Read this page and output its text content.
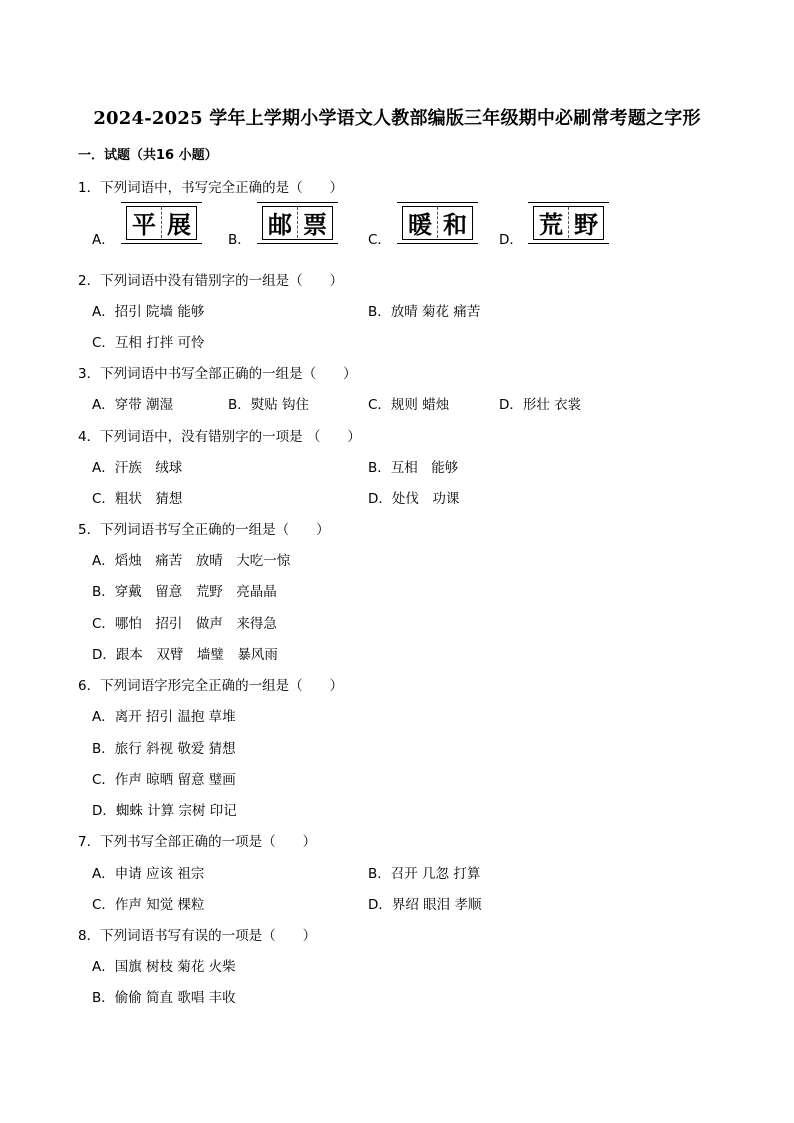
2024-2025 学年上学期小学语文人教部编版三年级期中必刷常考题之字形
一．试题（共16 小题）
1．下列词语中，书写完全正确的是（　　）
A．
平 展
B．
邮 票
C．
暖 和
D．
荒 野
2．下列词语中没有错别字的一组是（　　）
A．招引 院墙 能够	B．放晴 菊花 痛苦
C．互相 打拌 可怜
3．下列词语中书写全部正确的一组是（　　）
A．穿带 潮湿	B．熨贴 钩住	C．规则 蜡烛	D．形壮 衣裳
4．下列词语中，没有错别字的一项是 （　　）
A．汗族　绒球	B．互相　能够
C．粗状　猜想	D．处伐　功课
5．下列词语书写全正确的一组是（　　）
A．熖烛　痛苦　放晴　大吃一惊
B．穿戴　留意　荒野　亮晶晶
C．哪怕　招引　做声　来得急
D．跟本　双臂　墙璧　暴风雨
6．下列词语字形完全正确的一组是（　　）
A．离开 招引 温抱 草堆
B．旅行 斜视 敬爱 猜想
C．作声 晾晒 留意 璧画
D．蜘蛛 计算 宗树 印记
7．下列书写全部正确的一项是（　　）
A．申请 应该 祖宗	B．召开 几忽 打算
C．作声 知觉 棵粒	D．界绍 眼泪 孝顺
8．下列词语书写有误的一项是（　　）
A．国旗 树枝 菊花 火柴
B．偷偷 简直 歌唱 丰收
